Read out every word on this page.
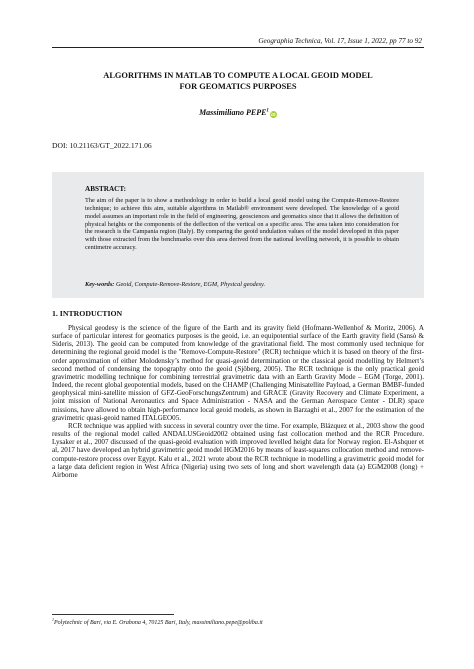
Geographia Technica, Vol. 17, Issue 1, 2022, pp 77 to 92
ALGORITHMS IN MATLAB TO COMPUTE A LOCAL GEOID MODEL
FOR GEOMATICS PURPOSES
Massimiliano PEPE$^1$iD
DOI: 10.21163/GT_2022.171.06
ABSTRACT:
The aim of the paper is to show a methodology in order to build a local geoid model using the Compute-Remove-Restore technique; to achieve this aim, suitable algorithms in Matlab® environment were developed. The knowledge of a geoid model assumes an important role in the field of engineering, geosciences and geomatics since that it allows the definition of physical heights or the components of the deflection of the vertical on a specific area. The area taken into consideration for the research is the Campania region (Italy). By comparing the geoid undulation values of the model developed in this paper with those extracted from the benchmarks over this area derived from the national levelling network, it is possible to obtain centimetre accuracy.
Key-words: Geoid, Compute-Remove-Restore, EGM, Physical geodesy.
1. INTRODUCTION

Physical geodesy is the science of the figure of the Earth and its gravity field (Hofmann-Wellenhof & Moritz, 2006). A surface of particular interest for geomatics purposes is the geoid, i.e. an equipotential surface of the Earth gravity field (Sansò & Sideris, 2013). The geoid can be computed from knowledge of the gravitational field. The most commonly used technique for determining the regional geoid model is the "Remove-Compute-Restore" (RCR) technique which it is based on theory of the first-order approximation of either Molodensky’s method for quasi-geoid determination or the classical geoid modelling by Helmert’s second method of condensing the topography onto the geoid (Sjöberg, 2005). The RCR technique is the only practical geoid gravimetric modelling technique for combining terrestrial gravimetric data with an Earth Gravity Mode – EGM (Torge, 2001). Indeed, the recent global geopotential models, based on the CHAMP (Challenging Minisatellite Payload, a German BMBF-funded geophysical mini-satellite mission of GFZ-GeoForschungsZentrum) and GRACE (Gravity Recovery and Climate Experiment, a joint mission of National Aeronautics and Space Administration - NASA and the German Aerospace Center - DLR) space missions, have allowed to obtain high-performance local geoid models, as shown in Barzaghi et al., 2007 for the estimation of the gravimetric quasi-geoid named ITALGEO05.

RCR technique was applied with success in several country over the time. For example, Blázquez et al., 2003 show the good results of the regional model called ANDALUSGeoid2002 obtained using fast collocation method and the RCR Procedure. Lysaker et al., 2007 discussed of the quasi-geoid evaluation with improved levelled height data for Norway region. El-Ashquer et al, 2017 have developed an hybrid gravimetric geoid model HGM2016 by means of least-squares collocation method and remove-compute-restore process over Egypt. Kalu et al., 2021 wrote about the RCR technique in modelling a gravimetric geoid model for a large data deficient region in West Africa (Nigeria) using two sets of long and short wavelength data (a) EGM2008 (long) + Airborne

$^1$Polytechnic of Bari, via E. Orabona 4, 70125 Bari, Italy, massimiliano.pepe@poliba.it
